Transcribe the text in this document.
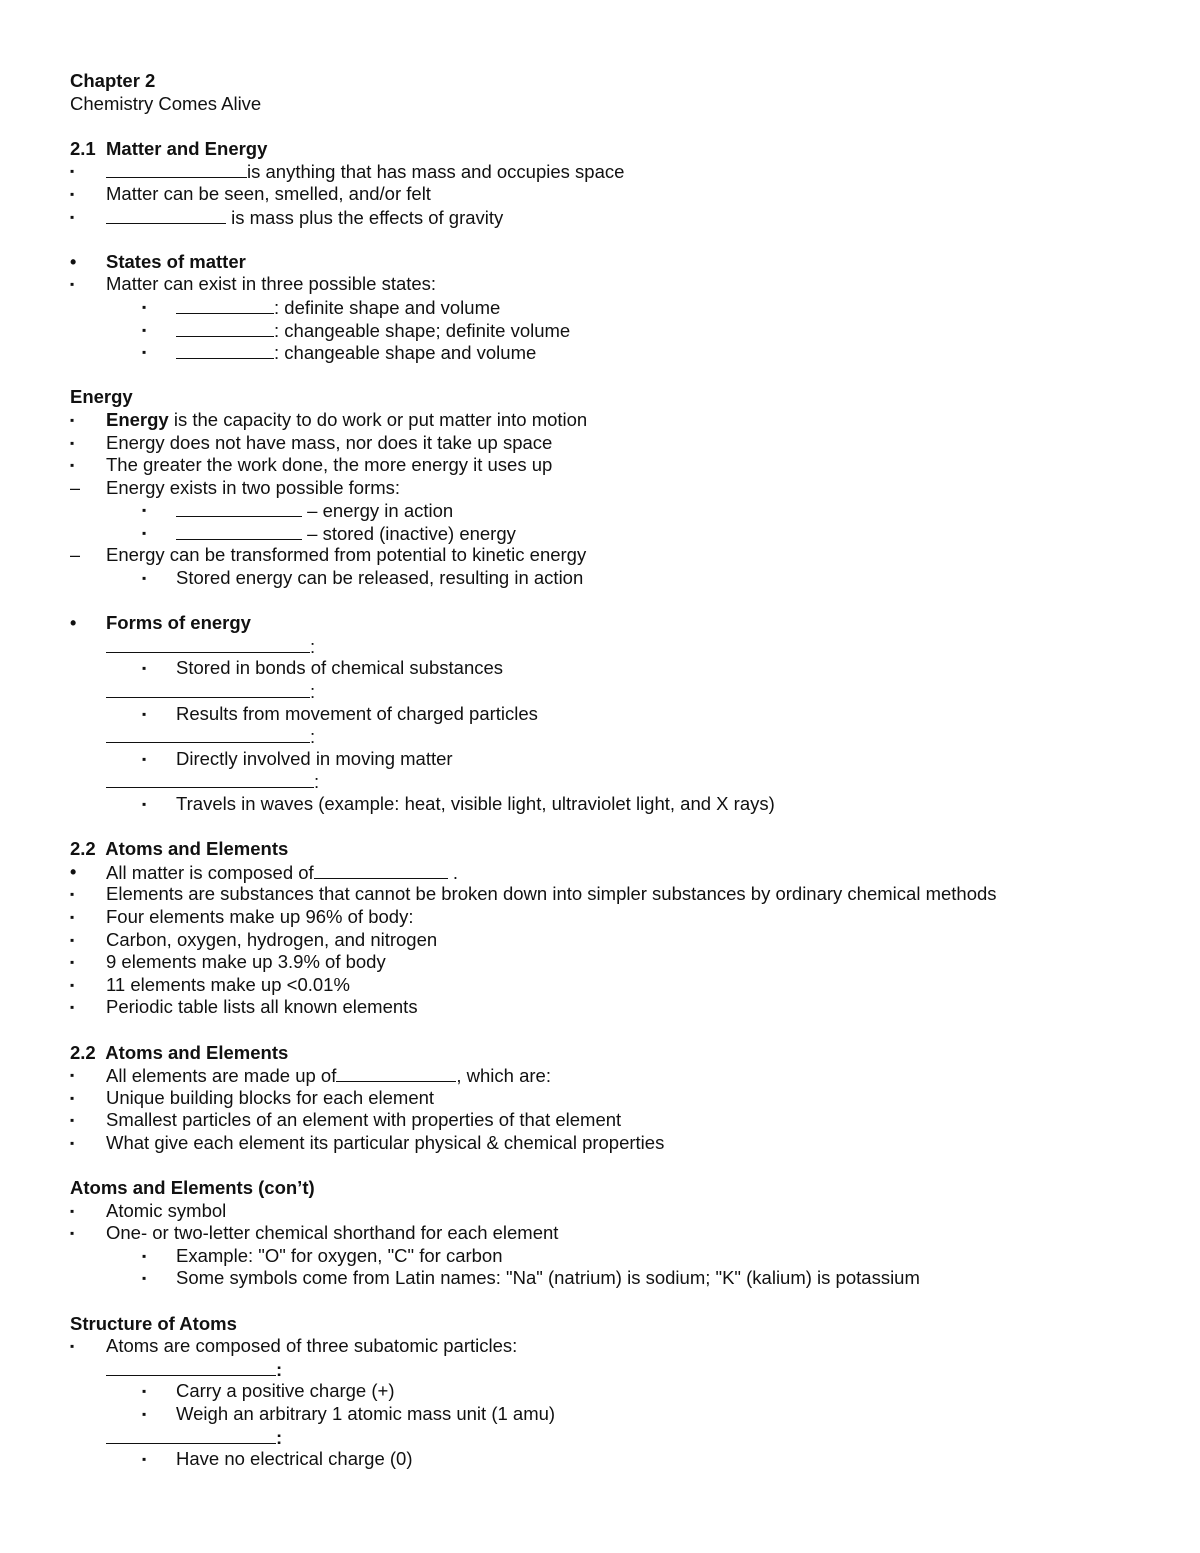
Chapter 2
Chemistry Comes Alive
2.1  Matter and Energy
▪	is anything that has mass and occupies space
▪	Matter can be seen, smelled, and/or felt
▪	is mass plus the effects of gravity
•	States of matter
▪	Matter can exist in three possible states:
▪	: definite shape and volume
▪	: changeable shape; definite volume
▪	: changeable shape and volume
Energy
▪	Energy is the capacity to do work or put matter into motion
▪	Energy does not have mass, nor does it take up space
▪	The greater the work done, the more energy it uses up
–	Energy exists in two possible forms:
▪	– energy in action
▪	– stored (inactive) energy
–	Energy can be transformed from potential to kinetic energy
▪	Stored energy can be released, resulting in action
•	Forms of energy
:
▪	Stored in bonds of chemical substances
:
▪	Results from movement of charged particles
:
▪	Directly involved in moving matter
:
▪	Travels in waves (example: heat, visible light, ultraviolet light, and X rays)
2.2  Atoms and Elements
•	All matter is composed of	.
▪	Elements are substances that cannot be broken down into simpler substances by ordinary chemical methods
▪	Four elements make up 96% of body:
▪	Carbon, oxygen, hydrogen, and nitrogen
▪	9 elements make up 3.9% of body
▪	11 elements make up <0.01%
▪	Periodic table lists all known elements
2.2  Atoms and Elements
▪	All elements are made up of	, which are:
▪	Unique building blocks for each element
▪	Smallest particles of an element with properties of that element
▪	What give each element its particular physical & chemical properties
Atoms and Elements (con’t)
▪	Atomic symbol
▪	One- or two-letter chemical shorthand for each element
▪	Example: "O" for oxygen, "C" for carbon
▪	Some symbols come from Latin names: "Na" (natrium) is sodium; "K" (kalium) is potassium
Structure of Atoms
▪	Atoms are composed of three subatomic particles:
:
▪	Carry a positive charge (+)
▪	Weigh an arbitrary 1 atomic mass unit (1 amu)
:
▪	Have no electrical charge (0)
